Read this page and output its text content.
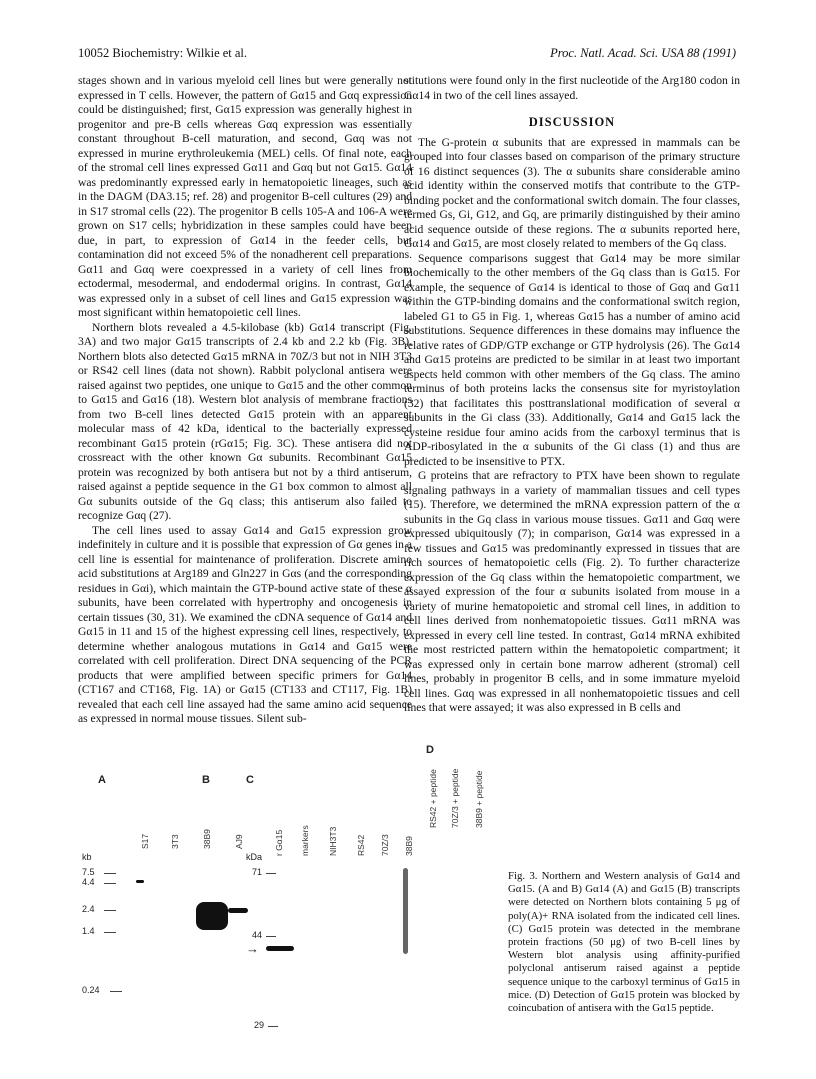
10052 Biochemistry: Wilkie et al.	Proc. Natl. Acad. Sci. USA 88 (1991)

stages shown and in various myeloid cell lines but were generally not expressed in T cells. However, the pattern of Gα15 and Gαq expression could be distinguished; first, Gα15 expression was generally highest in progenitor and pre-B cells whereas Gαq expression was essentially constant throughout B-cell maturation, and second, Gαq was not expressed in murine erythroleukemia (MEL) cells. Of final note, each of the stromal cell lines expressed Gα11 and Gαq but not Gα15. Gα14 was predominantly expressed early in hematopoietic lineages, such as in the DAGM (DA3.15; ref. 28) and progenitor B-cell cultures (29) and in S17 stromal cells (22). The progenitor B cells 105-A and 106-A were grown on S17 cells; hybridization in these samples could have been due, in part, to expression of Gα14 in the feeder cells, but contamination did not exceed 5% of the nonadherent cell preparations. Gα11 and Gαq were coexpressed in a variety of cell lines from ectodermal, mesodermal, and endodermal origins. In contrast, Gα14 was expressed only in a subset of cell lines and Gα15 expression was most significant within hematopoietic cell lines.

Northern blots revealed a 4.5-kilobase (kb) Gα14 transcript (Fig. 3A) and two major Gα15 transcripts of 2.4 kb and 2.2 kb (Fig. 3B). Northern blots also detected Gα15 mRNA in 70Z/3 but not in NIH 3T3 or RS42 cell lines (data not shown). Rabbit polyclonal antisera were raised against two peptides, one unique to Gα15 and the other common to Gα15 and Gα16 (18). Western blot analysis of membrane fractions from two B-cell lines detected Gα15 protein with an apparent molecular mass of 42 kDa, identical to the bacterially expressed recombinant Gα15 protein (rGα15; Fig. 3C). These antisera did not crossreact with the other known Gα subunits. Recombinant Gα15 protein was recognized by both antisera but not by a third antiserum, raised against a peptide sequence in the G1 box common to almost all Gα subunits outside of the Gq class; this antiserum also failed to recognize Gαq (27).

The cell lines used to assay Gα14 and Gα15 expression grow indefinitely in culture and it is possible that expression of Gα genes in a cell line is essential for maintenance of proliferation. Discrete amino acid substitutions at Arg189 and Gln227 in Gαs (and the corresponding residues in Gαi), which maintain the GTP-bound active state of these α subunits, have been correlated with hypertrophy and oncogenesis in certain tissues (30, 31). We examined the cDNA sequence of Gα14 and Gα15 in 11 and 15 of the highest expressing cell lines, respectively, to determine whether analogous mutations in Gα14 and Gα15 were correlated with cell proliferation. Direct DNA sequencing of the PCR products that were amplified between specific primers for Gα14 (CT167 and CT168, Fig. 1A) or Gα15 (CT133 and CT117, Fig. 1B) revealed that each cell line assayed had the same amino acid sequence as expressed in normal mouse tissues. Silent sub-

stitutions were found only in the first nucleotide of the Arg180 codon in Gα14 in two of the cell lines assayed.

DISCUSSION

The G-protein α subunits that are expressed in mammals can be grouped into four classes based on comparison of the primary structure of 16 distinct sequences (3). The α subunits share considerable amino acid identity within the conserved motifs that contribute to the GTP-binding pocket and the conformational switch domain. The four classes, termed Gs, Gi, G12, and Gq, are primarily distinguished by their amino acid sequence outside of these regions. The α subunits reported here, Gα14 and Gα15, are most closely related to members of the Gq class.

Sequence comparisons suggest that Gα14 may be more similar biochemically to the other members of the Gq class than is Gα15. For example, the sequence of Gα14 is identical to those of Gαq and Gα11 within the GTP-binding domains and the conformational switch region, labeled G1 to G5 in Fig. 1, whereas Gα15 has a number of amino acid substitutions. Sequence differences in these domains may influence the relative rates of GDP/GTP exchange or GTP hydrolysis (26). The Gα14 and Gα15 proteins are predicted to be similar in at least two important aspects held common with other members of the Gq class. The amino terminus of both proteins lacks the consensus site for myristoylation (32) that facilitates this posttranslational modification of several α subunits in the Gi class (33). Additionally, Gα14 and Gα15 lack the cysteine residue four amino acids from the carboxyl terminus that is ADP-ribosylated in the α subunits of the Gi class (1) and thus are predicted to be insensitive to PTX.

G proteins that are refractory to PTX have been shown to regulate signaling pathways in a variety of mammalian tissues and cell types (15). Therefore, we determined the mRNA expression pattern of the α subunits in the Gq class in various mouse tissues. Gα11 and Gαq were expressed ubiquitously (7); in comparison, Gα14 was expressed in a few tissues and Gα15 was predominantly expressed in tissues that are rich sources of hematopoietic cells (Fig. 2). To further characterize expression of the Gq class within the hematopoietic compartment, we assayed expression of the four α subunits isolated from mouse in a variety of murine hematopoietic and stromal cell lines, in addition to cell lines derived from nonhematopoietic tissues. Gα11 mRNA was expressed in every cell line tested. In contrast, Gα14 mRNA exhibited the most restricted pattern within the hematopoietic compartment; it was expressed only in certain bone marrow adherent (stromal) cell lines, probably in progenitor B cells, and in some immature myeloid cell lines. Gαq was expressed in all nonhematopoietic tissues and cell lines that were assayed; it was also expressed in B cells and

A	B	C
D
kb
7.5
4.4
2.4
1.4
0.24
S17 3T3	38B9	AJ9
kDa
71
44
29
→
r Gα15 markers NIH3T3 RS42 70Z/3 38B9
RS42 + peptide 70Z/3 + peptide 38B9 + peptide
Fig. 3. Northern and Western analysis of Gα14 and Gα15. (A and B) Gα14 (A) and Gα15 (B) transcripts were detected on Northern blots containing 5 μg of poly(A)+ RNA isolated from the indicated cell lines. (C) Gα15 protein was detected in the membrane protein fractions (50 μg) of two B-cell lines by Western blot analysis using affinity-purified polyclonal antiserum raised against a peptide sequence unique to the carboxyl terminus of Gα15 in mice. (D) Detection of Gα15 protein was blocked by coincubation of antisera with the Gα15 peptide.
